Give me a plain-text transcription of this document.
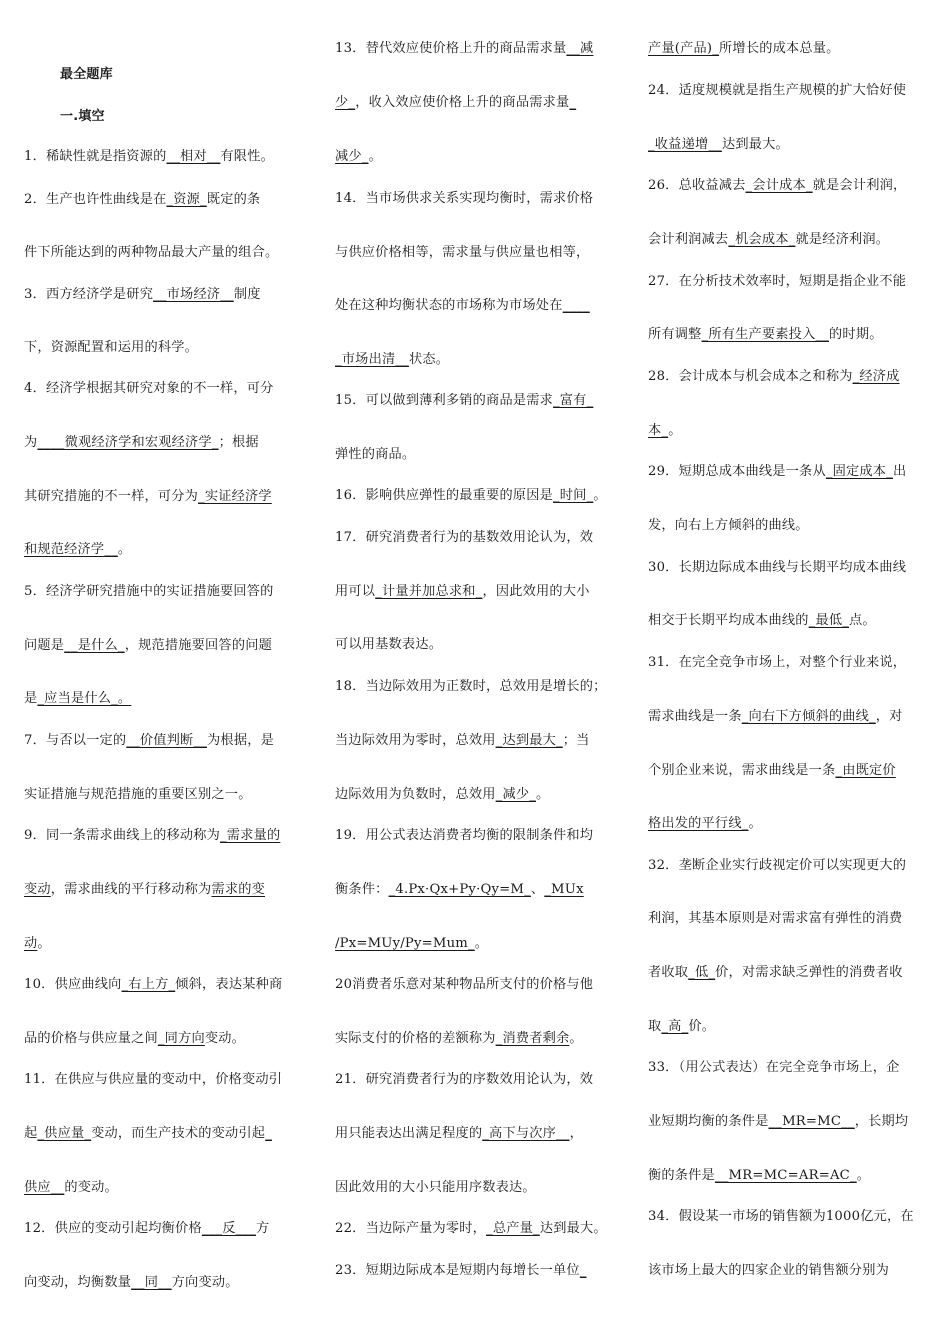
最全题库
一.填空
1．稀缺性就是指资源的__相对__有限性。
2．生产也许性曲线是在_资源_既定的条
件下所能达到的两种物品最大产量的组合。
3．西方经济学是研究__市场经济__制度
下，资源配置和运用的科学。
4．经济学根据其研究对象的不一样，可分
为____微观经济学和宏观经济学_；根据
其研究措施的不一样，可分为_实证经济学
和规范经济学__。
5．经济学研究措施中的实证措施要回答的
问题是__是什么_，规范措施要回答的问题
是_应当是什么_。
7．与否以一定的__价值判断__为根据，是
实证措施与规范措施的重要区别之一。
9．同一条需求曲线上的移动称为_需求量的
变动，需求曲线的平行移动称为需求的变
动。
10．供应曲线向_右上方_倾斜，表达某种商
品的价格与供应量之间_同方向变动。
11．在供应与供应量的变动中，价格变动引
起_供应量_变动，而生产技术的变动引起_
供应__的变动。
12．供应的变动引起均衡价格___反___方
向变动，均衡数量__同__方向变动。
13．替代效应使价格上升的商品需求量__减
少_，收入效应使价格上升的商品需求量_
减少_。
14．当市场供求关系实现均衡时，需求价格
与供应价格相等，需求量与供应量也相等，
处在这种均衡状态的市场称为市场处在____
_市场出清__状态。
15．可以做到薄利多销的商品是需求_富有_
弹性的商品。
16．影响供应弹性的最重要的原因是_时间_。
17．研究消费者行为的基数效用论认为，效
用可以_计量并加总求和_，因此效用的大小
可以用基数表达。
18．当边际效用为正数时，总效用是增长的；
当边际效用为零时，总效用_达到最大_；当
边际效用为负数时，总效用_减少_。
19．用公式表达消费者均衡的限制条件和均
衡条件：_4.Px·Qx+Py·Qy=M_、_MUx
/Px=MUy/Py=Mum_。
20消费者乐意对某种物品所支付的价格与他
实际支付的价格的差额称为_消费者剩余。
21．研究消费者行为的序数效用论认为，效
用只能表达出满足程度的_高下与次序__，
因此效用的大小只能用序数表达。
22．当边际产量为零时，_总产量_达到最大。
23．短期边际成本是短期内每增长一单位_
产量(产品)_所增长的成本总量。
24．适度规模就是指生产规模的扩大恰好使
_收益递增__达到最大。
26．总收益减去_会计成本_就是会计利润，
会计利润减去_机会成本_就是经济利润。
27．在分析技术效率时，短期是指企业不能
所有调整_所有生产要素投入__的时期。
28．会计成本与机会成本之和称为_经济成
本_。
29．短期总成本曲线是一条从_固定成本_出
发，向右上方倾斜的曲线。
30．长期边际成本曲线与长期平均成本曲线
相交于长期平均成本曲线的_最低_点。
31．在完全竞争市场上，对整个行业来说，
需求曲线是一条_向右下方倾斜的曲线_，对
个别企业来说，需求曲线是一条_由既定价
格出发的平行线_。
32．垄断企业实行歧视定价可以实现更大的
利润，其基本原则是对需求富有弹性的消费
者收取_低_价，对需求缺乏弹性的消费者收
取_高_价。
33．（用公式表达）在完全竞争市场上，企
业短期均衡的条件是__MR=MC__，长期均
衡的条件是__MR=MC=AR=AC_。
34．假设某一市场的销售额为1000亿元，在
该市场上最大的四家企业的销售额分别为
